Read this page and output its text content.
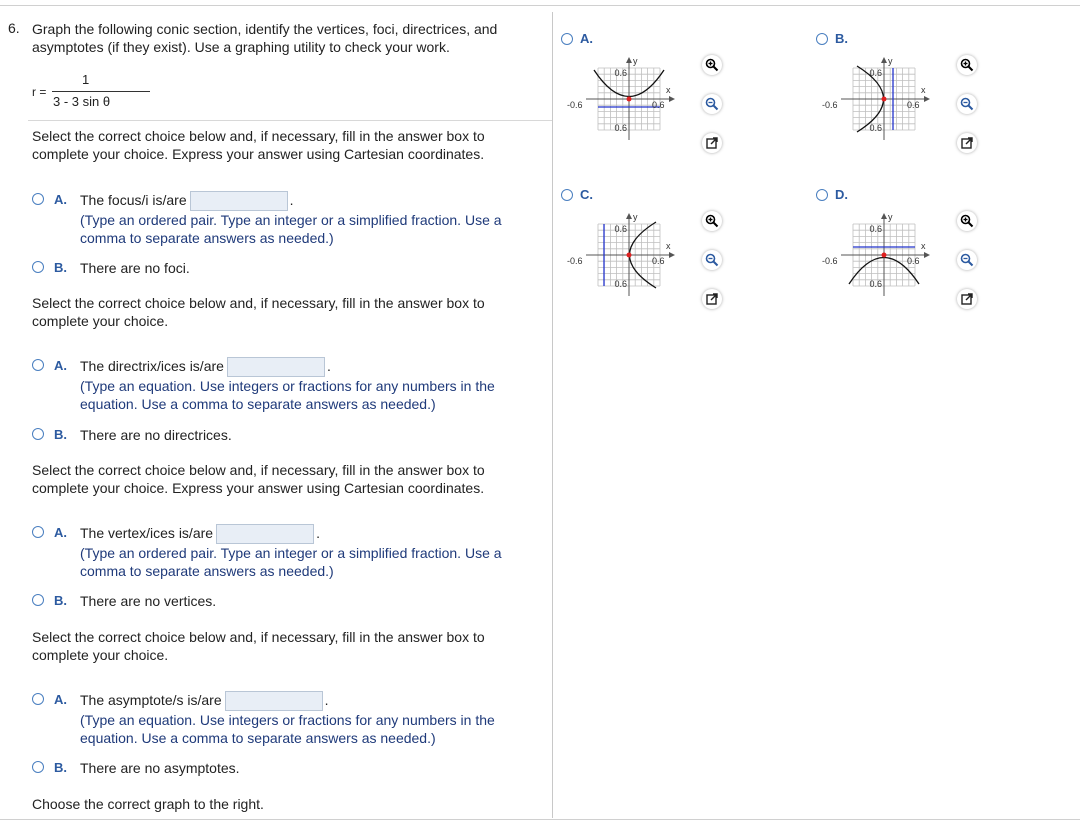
6. Graph the following conic section, identify the vertices, foci, directrices, and asymptotes (if they exist). Use a graphing utility to check your work.
r =
1
3 - 3 sin θ
Select the correct choice below and, if necessary, fill in the answer box to complete your choice. Express your answer using Cartesian coordinates.
A. The focus/i is/are	.
(Type an ordered pair. Type an integer or a simplified fraction. Use a comma to separate answers as needed.)
B. There are no foci.
Select the correct choice below and, if necessary, fill in the answer box to complete your choice.
A. The directrix/ices is/are	.
(Type an equation. Use integers or fractions for any numbers in the equation. Use a comma to separate answers as needed.)
B. There are no directrices.
Select the correct choice below and, if necessary, fill in the answer box to complete your choice. Express your answer using Cartesian coordinates.
A. The vertex/ices is/are	.
(Type an ordered pair. Type an integer or a simplified fraction. Use a comma to separate answers as needed.)
B. There are no vertices.
Select the correct choice below and, if necessary, fill in the answer box to complete your choice.
A. The asymptote/s is/are	.
(Type an equation. Use integers or fractions for any numbers in the equation. Use a comma to separate answers as needed.)
B. There are no asymptotes.
Choose the correct graph to the right.
A.
y
x
0.6
0.6
-0.6	0.6
B.
y
x
0.6
0.6
-0.6	0.6
C.
y
x
0.6
0.6
-0.6	0.6
D.
y
x
0.6
0.6
-0.6	0.6
